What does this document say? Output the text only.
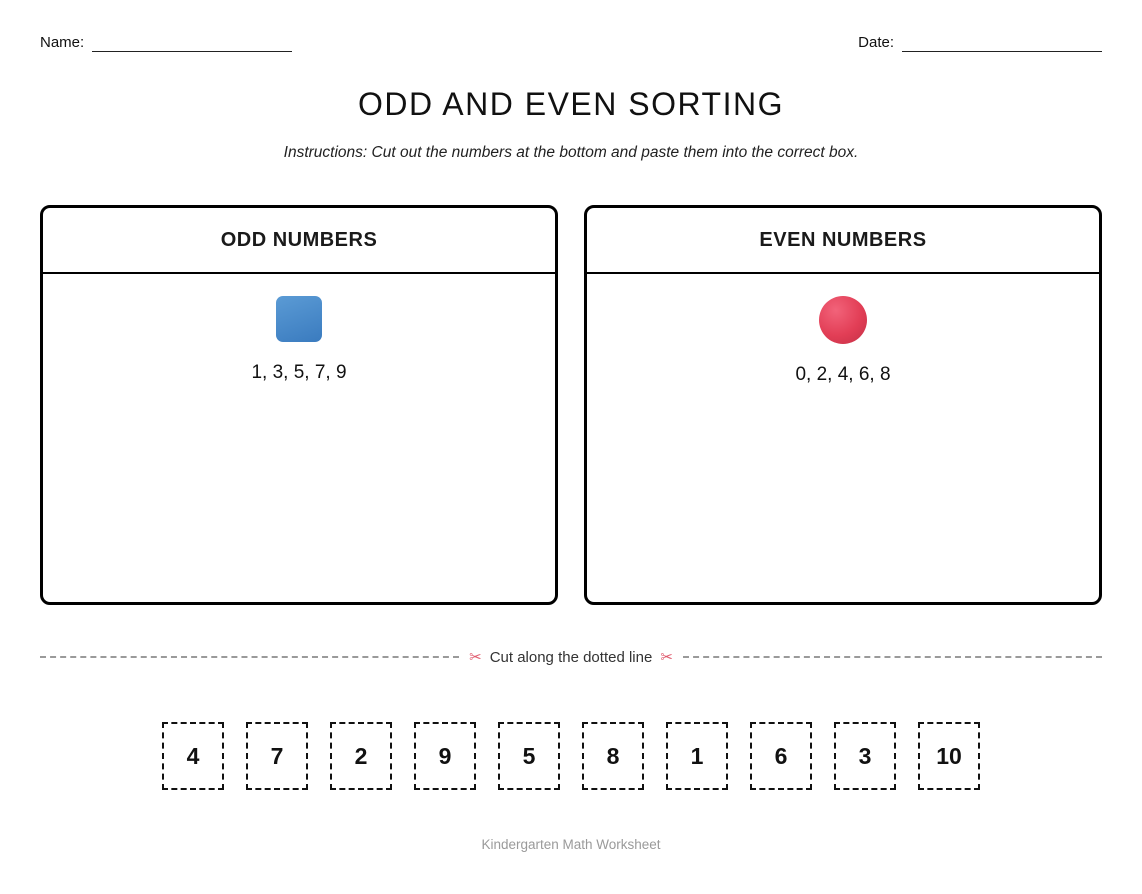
Name:	Date:
ODD AND EVEN SORTING
Instructions: Cut out the numbers at the bottom and paste them into the correct box.
ODD NUMBERS
1, 3, 5, 7, 9
EVEN NUMBERS
0, 2, 4, 6, 8
✂ Cut along the dotted line ✂
4	7	2	9	5	8	1	6	3	10
Kindergarten Math Worksheet
